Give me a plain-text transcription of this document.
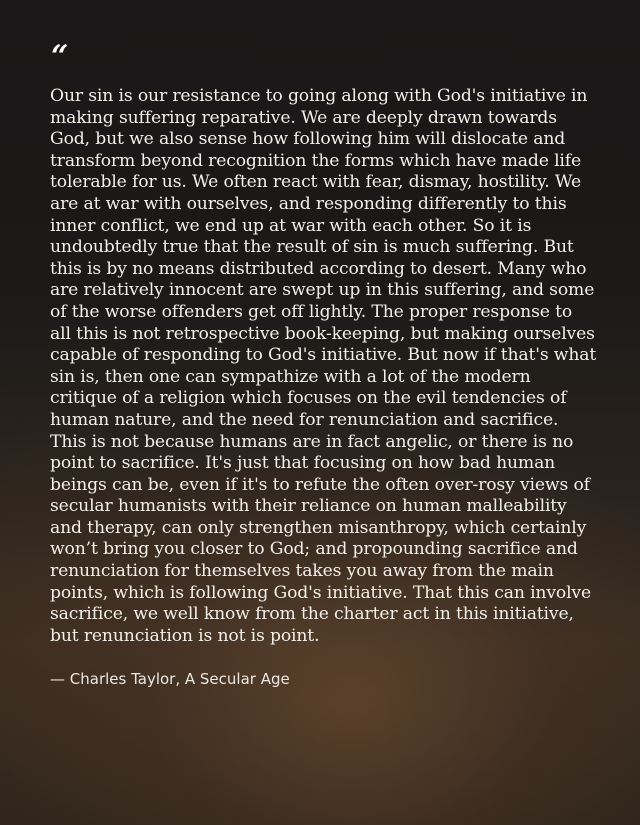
“

Our sin is our resistance to going along with God's initiative in making suffering reparative. We are deeply drawn towards God, but we also sense how following him will dislocate and transform beyond recognition the forms which have made life tolerable for us. We often react with fear, dismay, hostility. We are at war with ourselves, and responding differently to this inner conflict, we end up at war with each other. So it is undoubtedly true that the result of sin is much suffering. But this is by no means distributed according to desert. Many who are relatively innocent are swept up in this suffering, and some of the worse offenders get off lightly. The proper response to all this is not retrospective book-keeping, but making ourselves capable of responding to God's initiative. But now if that's what sin is, then one can sympathize with a lot of the modern critique of a religion which focuses on the evil tendencies of human nature, and the need for renunciation and sacrifice. This is not because humans are in fact angelic, or there is no point to sacrifice. It's just that focusing on how bad human beings can be, even if it's to refute the often over-rosy views of secular humanists with their reliance on human malleability and therapy, can only strengthen misanthropy, which certainly won’t bring you closer to God; and propounding sacrifice and renunciation for themselves takes you away from the main points, which is following God's initiative. That this can involve sacrifice, we well know from the charter act in this initiative, but renunciation is not is point.

— Charles Taylor, A Secular Age
